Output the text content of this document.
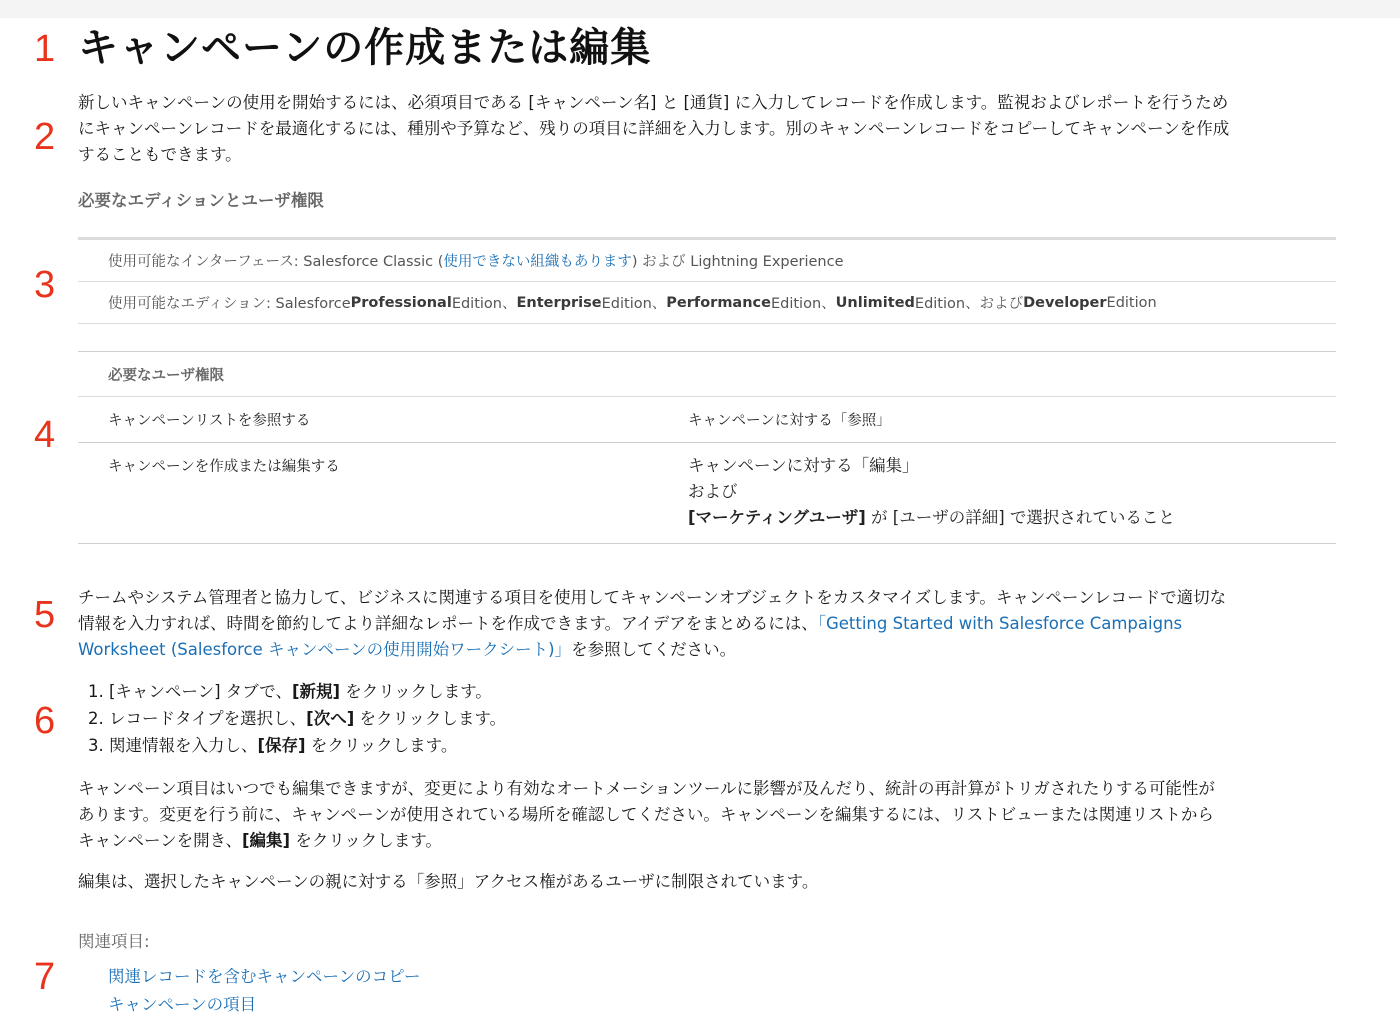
1
2
3
4
5
6
7
キャンペーンの作成または編集
新しいキャンペーンの使用を開始するには、必須項目である [キャンペーン名] と [通貨] に入力してレコードを作成します。監視およびレポートを行うため
にキャンペーンレコードを最適化するには、種別や予算など、残りの項目に詳細を入力します。別のキャンペーンレコードをコピーしてキャンペーンを作成
することもできます。
必要なエディションとユーザ権限
使用可能なインターフェース: Salesforce Classic ( 使用できない組織もあります ) および Lightning Experience
使用可能なエディション: Salesforce Professional Edition、 Enterprise Edition、 Performance Edition、 Unlimited Edition、および Developer Edition
必要なユーザ権限
キャンペーンリストを参照する	キャンペーンに対する「参照」
キャンペーンを作成または編集する	キャンペーンに対する「編集」
および
[マーケティングユーザ] が [ユーザの詳細] で選択されていること
チームやシステム管理者と協力して、ビジネスに関連する項目を使用してキャンペーンオブジェクトをカスタマイズします。キャンペーンレコードで適切な
情報を入力すれば、時間を節約してより詳細なレポートを作成できます。アイデアをまとめるには、「Getting Started with Salesforce Campaigns
Worksheet (Salesforce キャンペーンの使用開始ワークシート)」を参照してください。
1. [キャンペーン] タブで、[新規] をクリックします。
2. レコードタイプを選択し、[次へ] をクリックします。
3. 関連情報を入力し、[保存] をクリックします。
キャンペーン項目はいつでも編集できますが、変更により有効なオートメーションツールに影響が及んだり、統計の再計算がトリガされたりする可能性が
あります。変更を行う前に、キャンペーンが使用されている場所を確認してください。キャンペーンを編集するには、リストビューまたは関連リストから
キャンペーンを開き、[編集] をクリックします。
編集は、選択したキャンペーンの親に対する「参照」アクセス権があるユーザに制限されています。
関連項目:
関連レコードを含むキャンペーンのコピー
キャンペーンの項目
